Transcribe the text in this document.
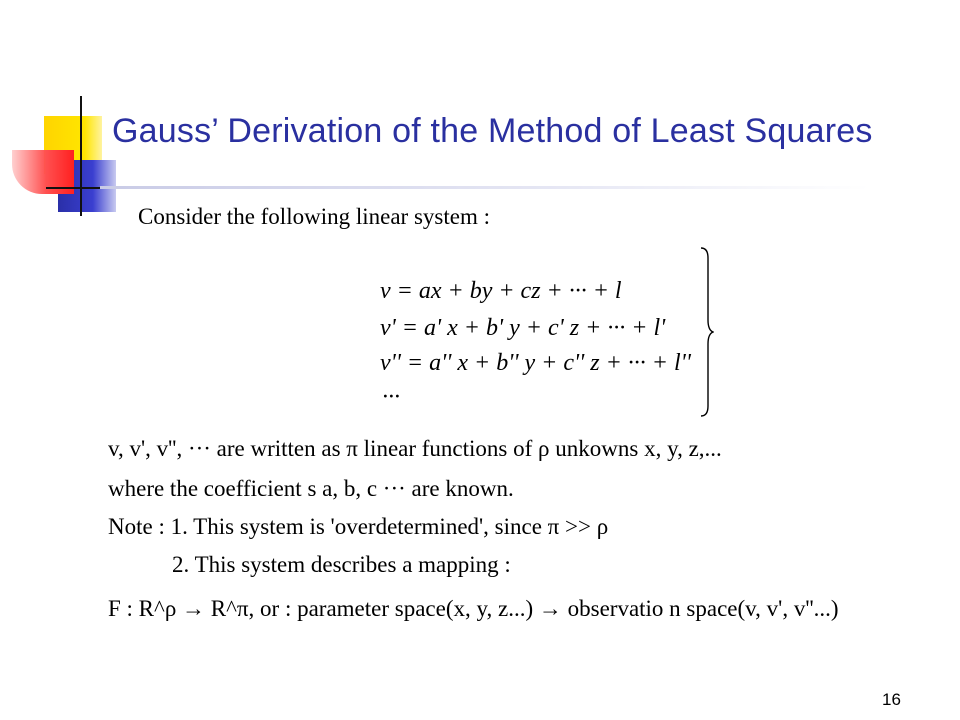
Gauss’ Derivation of the Method of Least Squares
Consider the following linear system :
v = ax + by + cz + ··· + l
v' = a' x + b' y + c' z + ··· + l'
v'' = a'' x + b'' y + c'' z + ··· + l''
···
v, v', v'', ··· are written as π linear functions of ρ unkowns x, y, z,...
where the coefficient s a, b, c ··· are known.
Note : 1. This system is 'overdetermined', since π >> ρ
2. This system describes a mapping :
F : R^ρ → R^π, or : parameter space(x, y, z...) → observatio n space(v, v', v''...)
16
